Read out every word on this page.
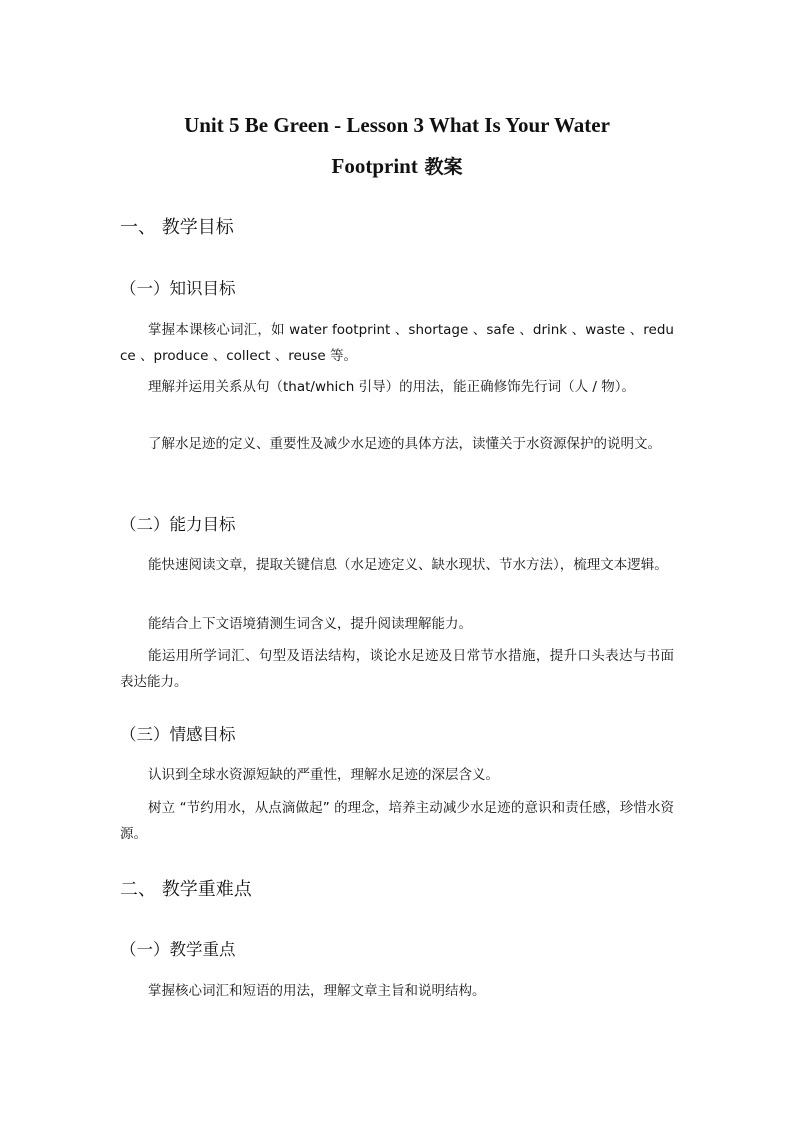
Unit 5 Be Green - Lesson 3 What Is Your Water
Footprint 教案
一、 教学目标
（一）知识目标

掌握本课核心词汇，如 water footprint 、shortage 、safe 、drink 、waste 、reduce 、produce 、collect 、reuse 等。

理解并运用关系从句（that/which 引导）的用法，能正确修饰先行词（人 / 物）。

了解水足迹的定义、重要性及减少水足迹的具体方法，读懂关于水资源保护的说明文。

（二）能力目标

能快速阅读文章，提取关键信息（水足迹定义、缺水现状、节水方法），梳理文本逻辑。

能结合上下文语境猜测生词含义，提升阅读理解能力。

能运用所学词汇、句型及语法结构，谈论水足迹及日常节水措施，提升口头表达与书面表达能力。

（三）情感目标

认识到全球水资源短缺的严重性，理解水足迹的深层含义。

树立 “节约用水，从点滴做起” 的理念，培养主动减少水足迹的意识和责任感，珍惜水资源。

二、 教学重难点
（一）教学重点

掌握核心词汇和短语的用法，理解文章主旨和说明结构。
